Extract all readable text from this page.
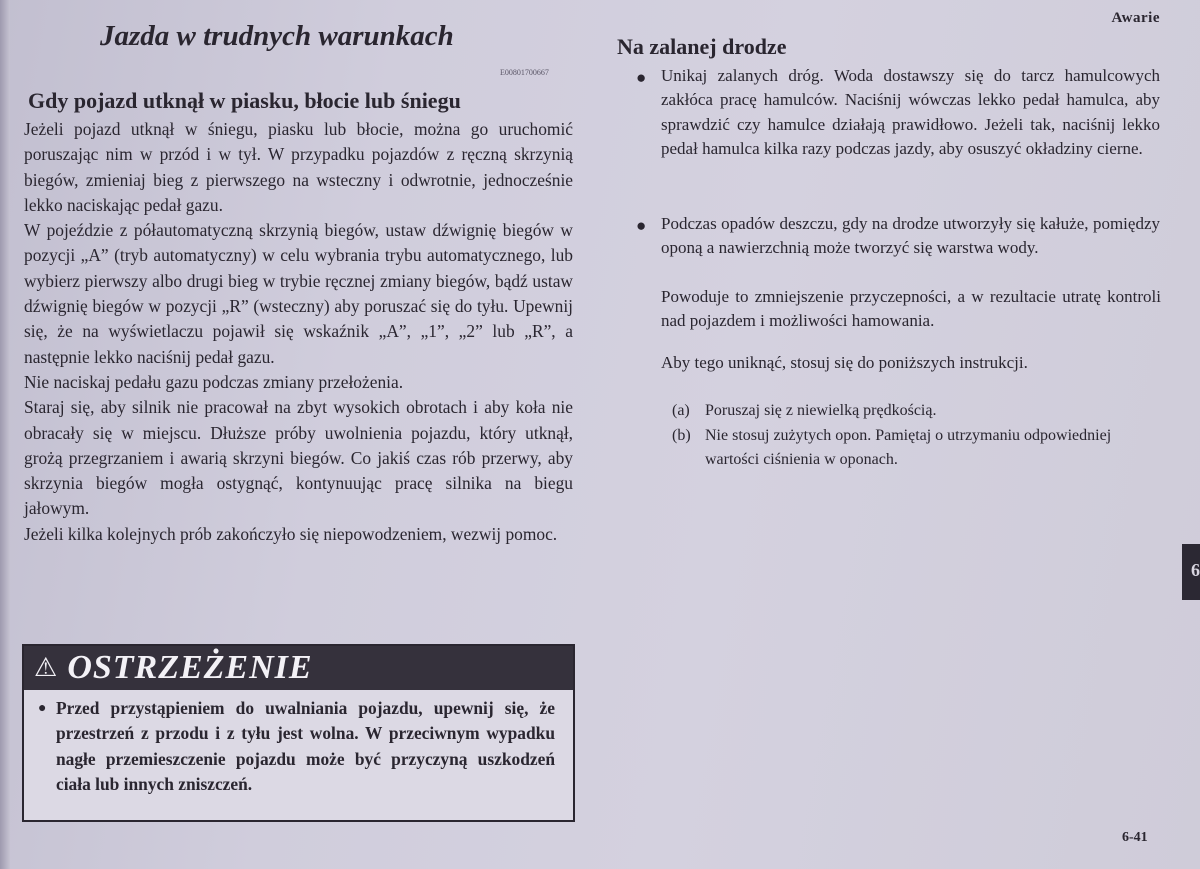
Awarie
Jazda w trudnych warunkach
E00801700667
Gdy pojazd utknął w piasku, błocie lub śniegu

Jeżeli pojazd utknął w śniegu, piasku lub błocie, można go uruchomić poruszając nim w przód i w tył. W przypadku pojazdów z ręczną skrzynią biegów, zmieniaj bieg z pierwszego na wsteczny i odwrotnie, jednocześnie lekko naciskając pedał gazu.

W pojeździe z półautomatyczną skrzynią biegów, ustaw dźwignię biegów w pozycji „A” (tryb automatyczny) w celu wybrania trybu automatycznego, lub wybierz pierwszy albo drugi bieg w trybie ręcznej zmiany biegów, bądź ustaw dźwignię biegów w pozycji „R” (wsteczny) aby poruszać się do tyłu. Upewnij się, że na wyświetlaczu pojawił się wskaźnik „A”, „1”, „2” lub „R”, a następnie lekko naciśnij pedał gazu.

Nie naciskaj pedału gazu podczas zmiany przełożenia.

Staraj się, aby silnik nie pracował na zbyt wysokich obrotach i aby koła nie obracały się w miejscu. Dłuższe próby uwolnienia pojazdu, który utknął, grożą przegrzaniem i awarią skrzyni biegów. Co jakiś czas rób przerwy, aby skrzynia biegów mogła ostygnąć, kontynuując pracę silnika na biegu jałowym.

Jeżeli kilka kolejnych prób zakończyło się niepowodzeniem, wezwij pomoc.

⚠ OSTRZEŻENIE
● Przed przystąpieniem do uwalniania pojazdu, upewnij się, że przestrzeń z przodu i z tyłu jest wolna. W przeciwnym wypadku nagłe przemieszczenie pojazdu może być przyczyną uszkodzeń ciała lub innych zniszczeń.
Na zalanej drodze
● Unikaj zalanych dróg. Woda dostawszy się do tarcz hamulcowych zakłóca pracę hamulców. Naciśnij wówczas lekko pedał hamulca, aby sprawdzić czy hamulce działają prawidłowo. Jeżeli tak, naciśnij lekko pedał hamulca kilka razy podczas jazdy, aby osuszyć okładziny cierne.
● Podczas opadów deszczu, gdy na drodze utworzyły się kałuże, pomiędzy oponą a nawierzchnią może tworzyć się warstwa wody.
Powoduje to zmniejszenie przyczepności, a w rezultacie utratę kontroli nad pojazdem i możliwości hamowania.
Aby tego uniknąć, stosuj się do poniższych instrukcji.
(a) Poruszaj się z niewielką prędkością.
(b) Nie stosuj zużytych opon. Pamiętaj o utrzymaniu odpowiedniej wartości ciśnienia w oponach.
6
6-41
